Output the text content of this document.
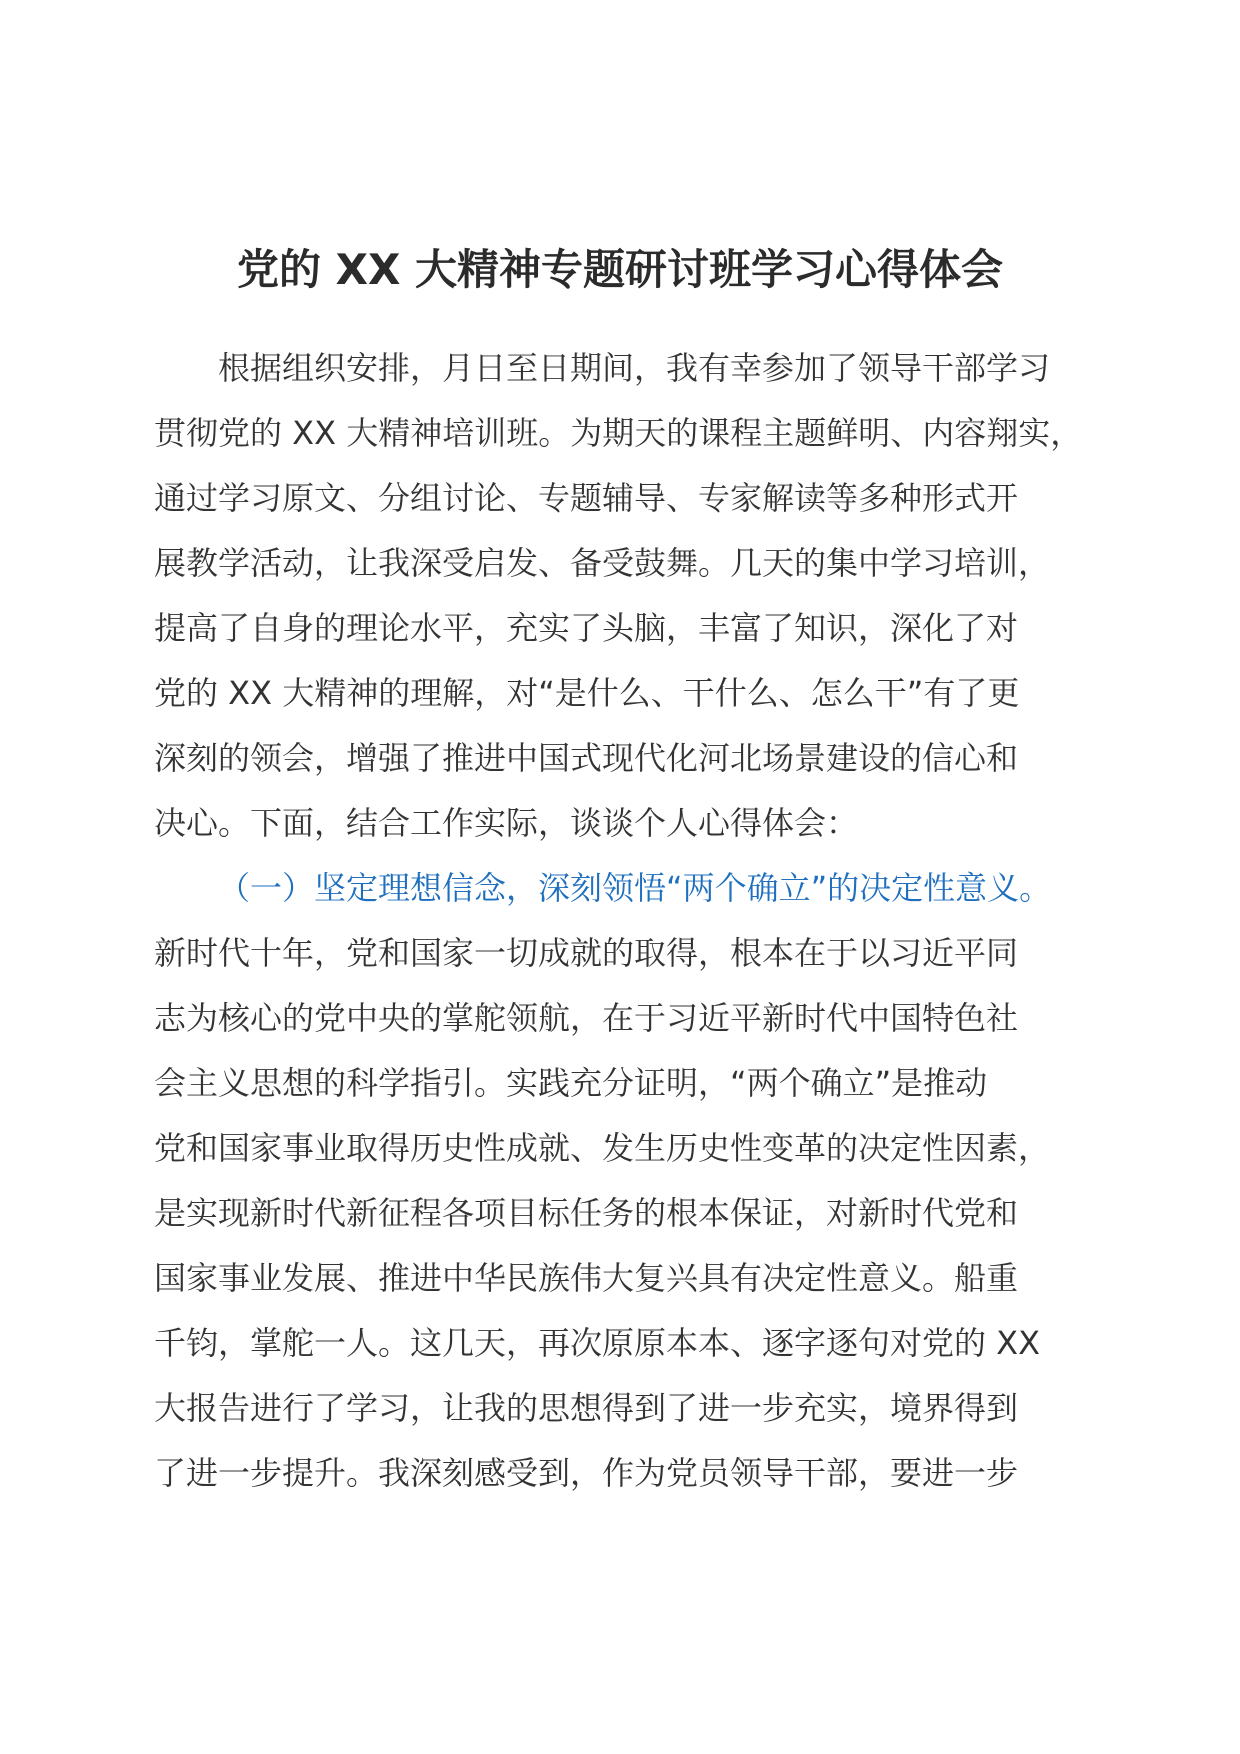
党的 XX 大精神专题研讨班学习心得体会
根据组织安排，月日至日期间，我有幸参加了领导干部学习
贯彻党的 XX 大精神培训班。为期天的课程主题鲜明、内容翔实，
通过学习原文、分组讨论、专题辅导、专家解读等多种形式开
展教学活动，让我深受启发、备受鼓舞。几天的集中学习培训，
提高了自身的理论水平，充实了头脑，丰富了知识，深化了对
党的 XX 大精神的理解，对“是什么、干什么、怎么干”有了更
深刻的领会，增强了推进中国式现代化河北场景建设的信心和
决心。下面，结合工作实际，谈谈个人心得体会：
（一）坚定理想信念，深刻领悟“两个确立”的决定性意义。
新时代十年，党和国家一切成就的取得，根本在于以习近平同
志为核心的党中央的掌舵领航，在于习近平新时代中国特色社
会主义思想的科学指引。实践充分证明，“两个确立”是推动
党和国家事业取得历史性成就、发生历史性变革的决定性因素，
是实现新时代新征程各项目标任务的根本保证，对新时代党和
国家事业发展、推进中华民族伟大复兴具有决定性意义。船重
千钧，掌舵一人。这几天，再次原原本本、逐字逐句对党的 XX
大报告进行了学习，让我的思想得到了进一步充实，境界得到
了进一步提升。我深刻感受到，作为党员领导干部，要进一步
